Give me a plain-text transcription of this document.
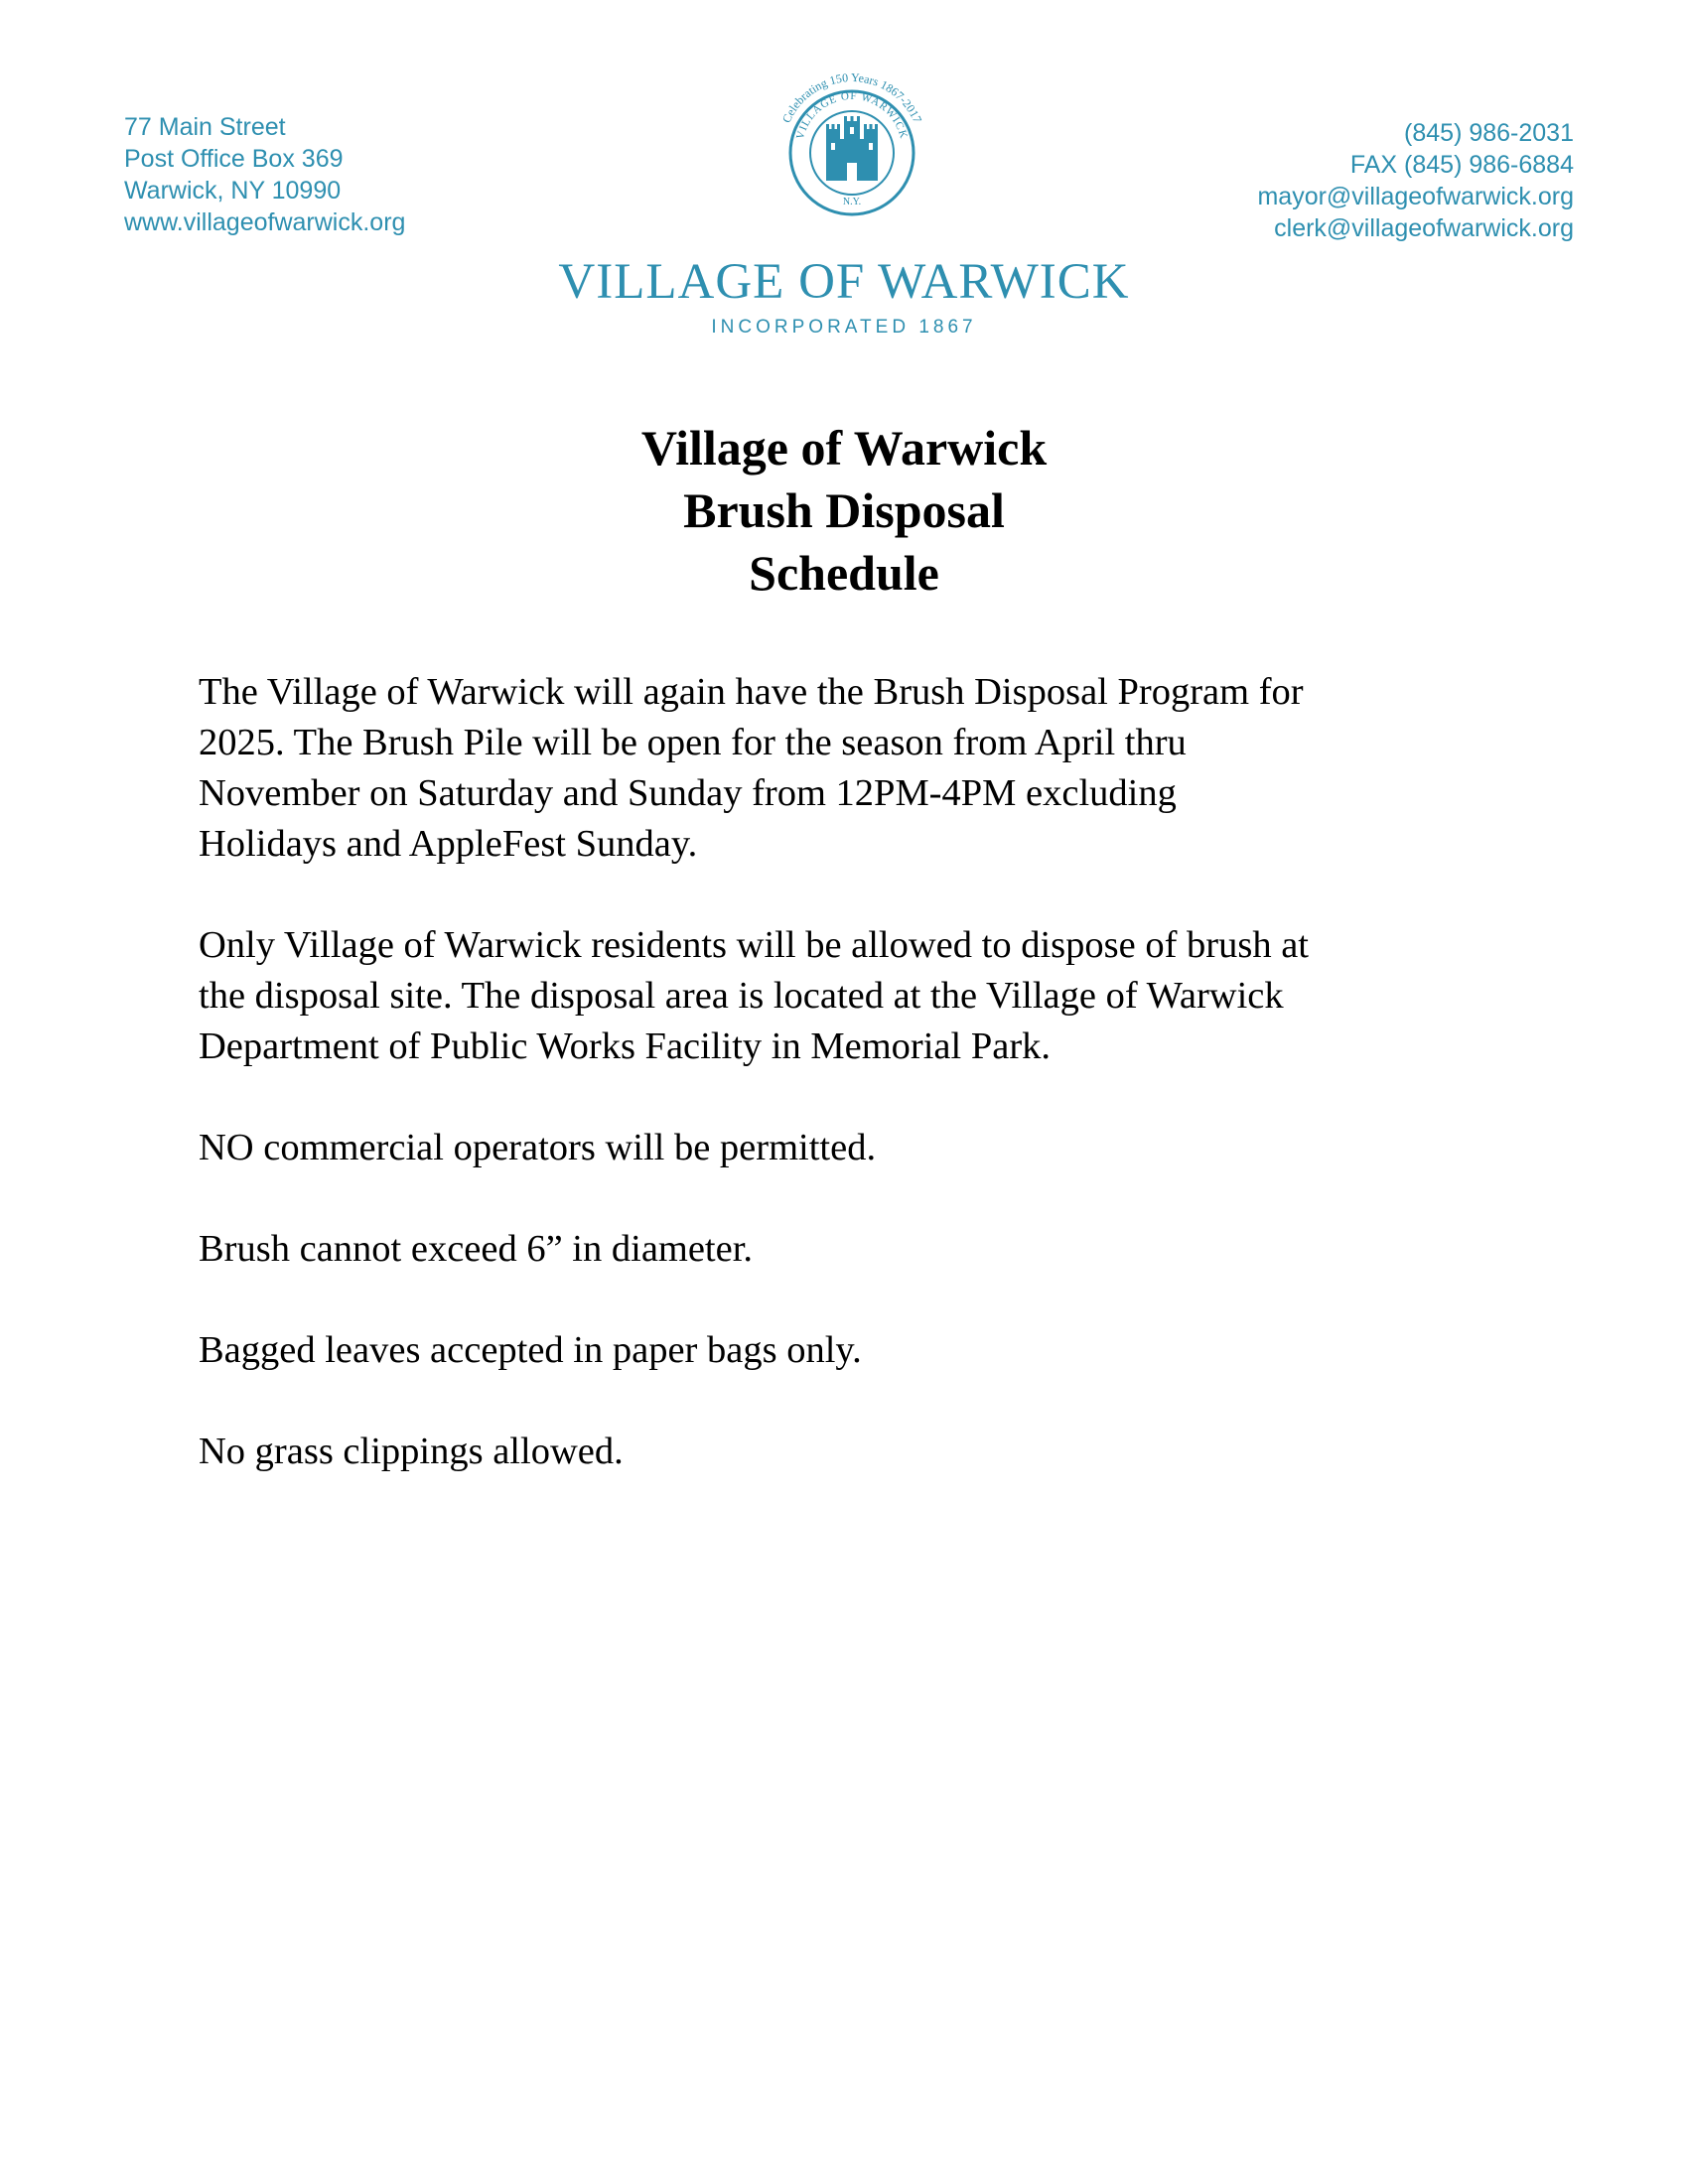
77 Main Street
Post Office Box 369
Warwick, NY 10990
www.villageofwarwick.org
Celebrating 150 Years 1867-2017
VILLAGE OF WARWICK
N.Y.
(845) 986-2031
FAX (845) 986-6884
mayor@villageofwarwick.org
clerk@villageofwarwick.org
VILLAGE OF WARWICK
INCORPORATED 1867
Village of Warwick
Brush Disposal
Schedule

The Village of Warwick will again have the Brush Disposal Program for
2025. The Brush Pile will be open for the season from April thru
November on Saturday and Sunday from 12PM-4PM excluding
Holidays and AppleFest Sunday.

Only Village of Warwick residents will be allowed to dispose of brush at
the disposal site. The disposal area is located at the Village of Warwick
Department of Public Works Facility in Memorial Park.

NO commercial operators will be permitted.

Brush cannot exceed 6” in diameter.

Bagged leaves accepted in paper bags only.

No grass clippings allowed.
